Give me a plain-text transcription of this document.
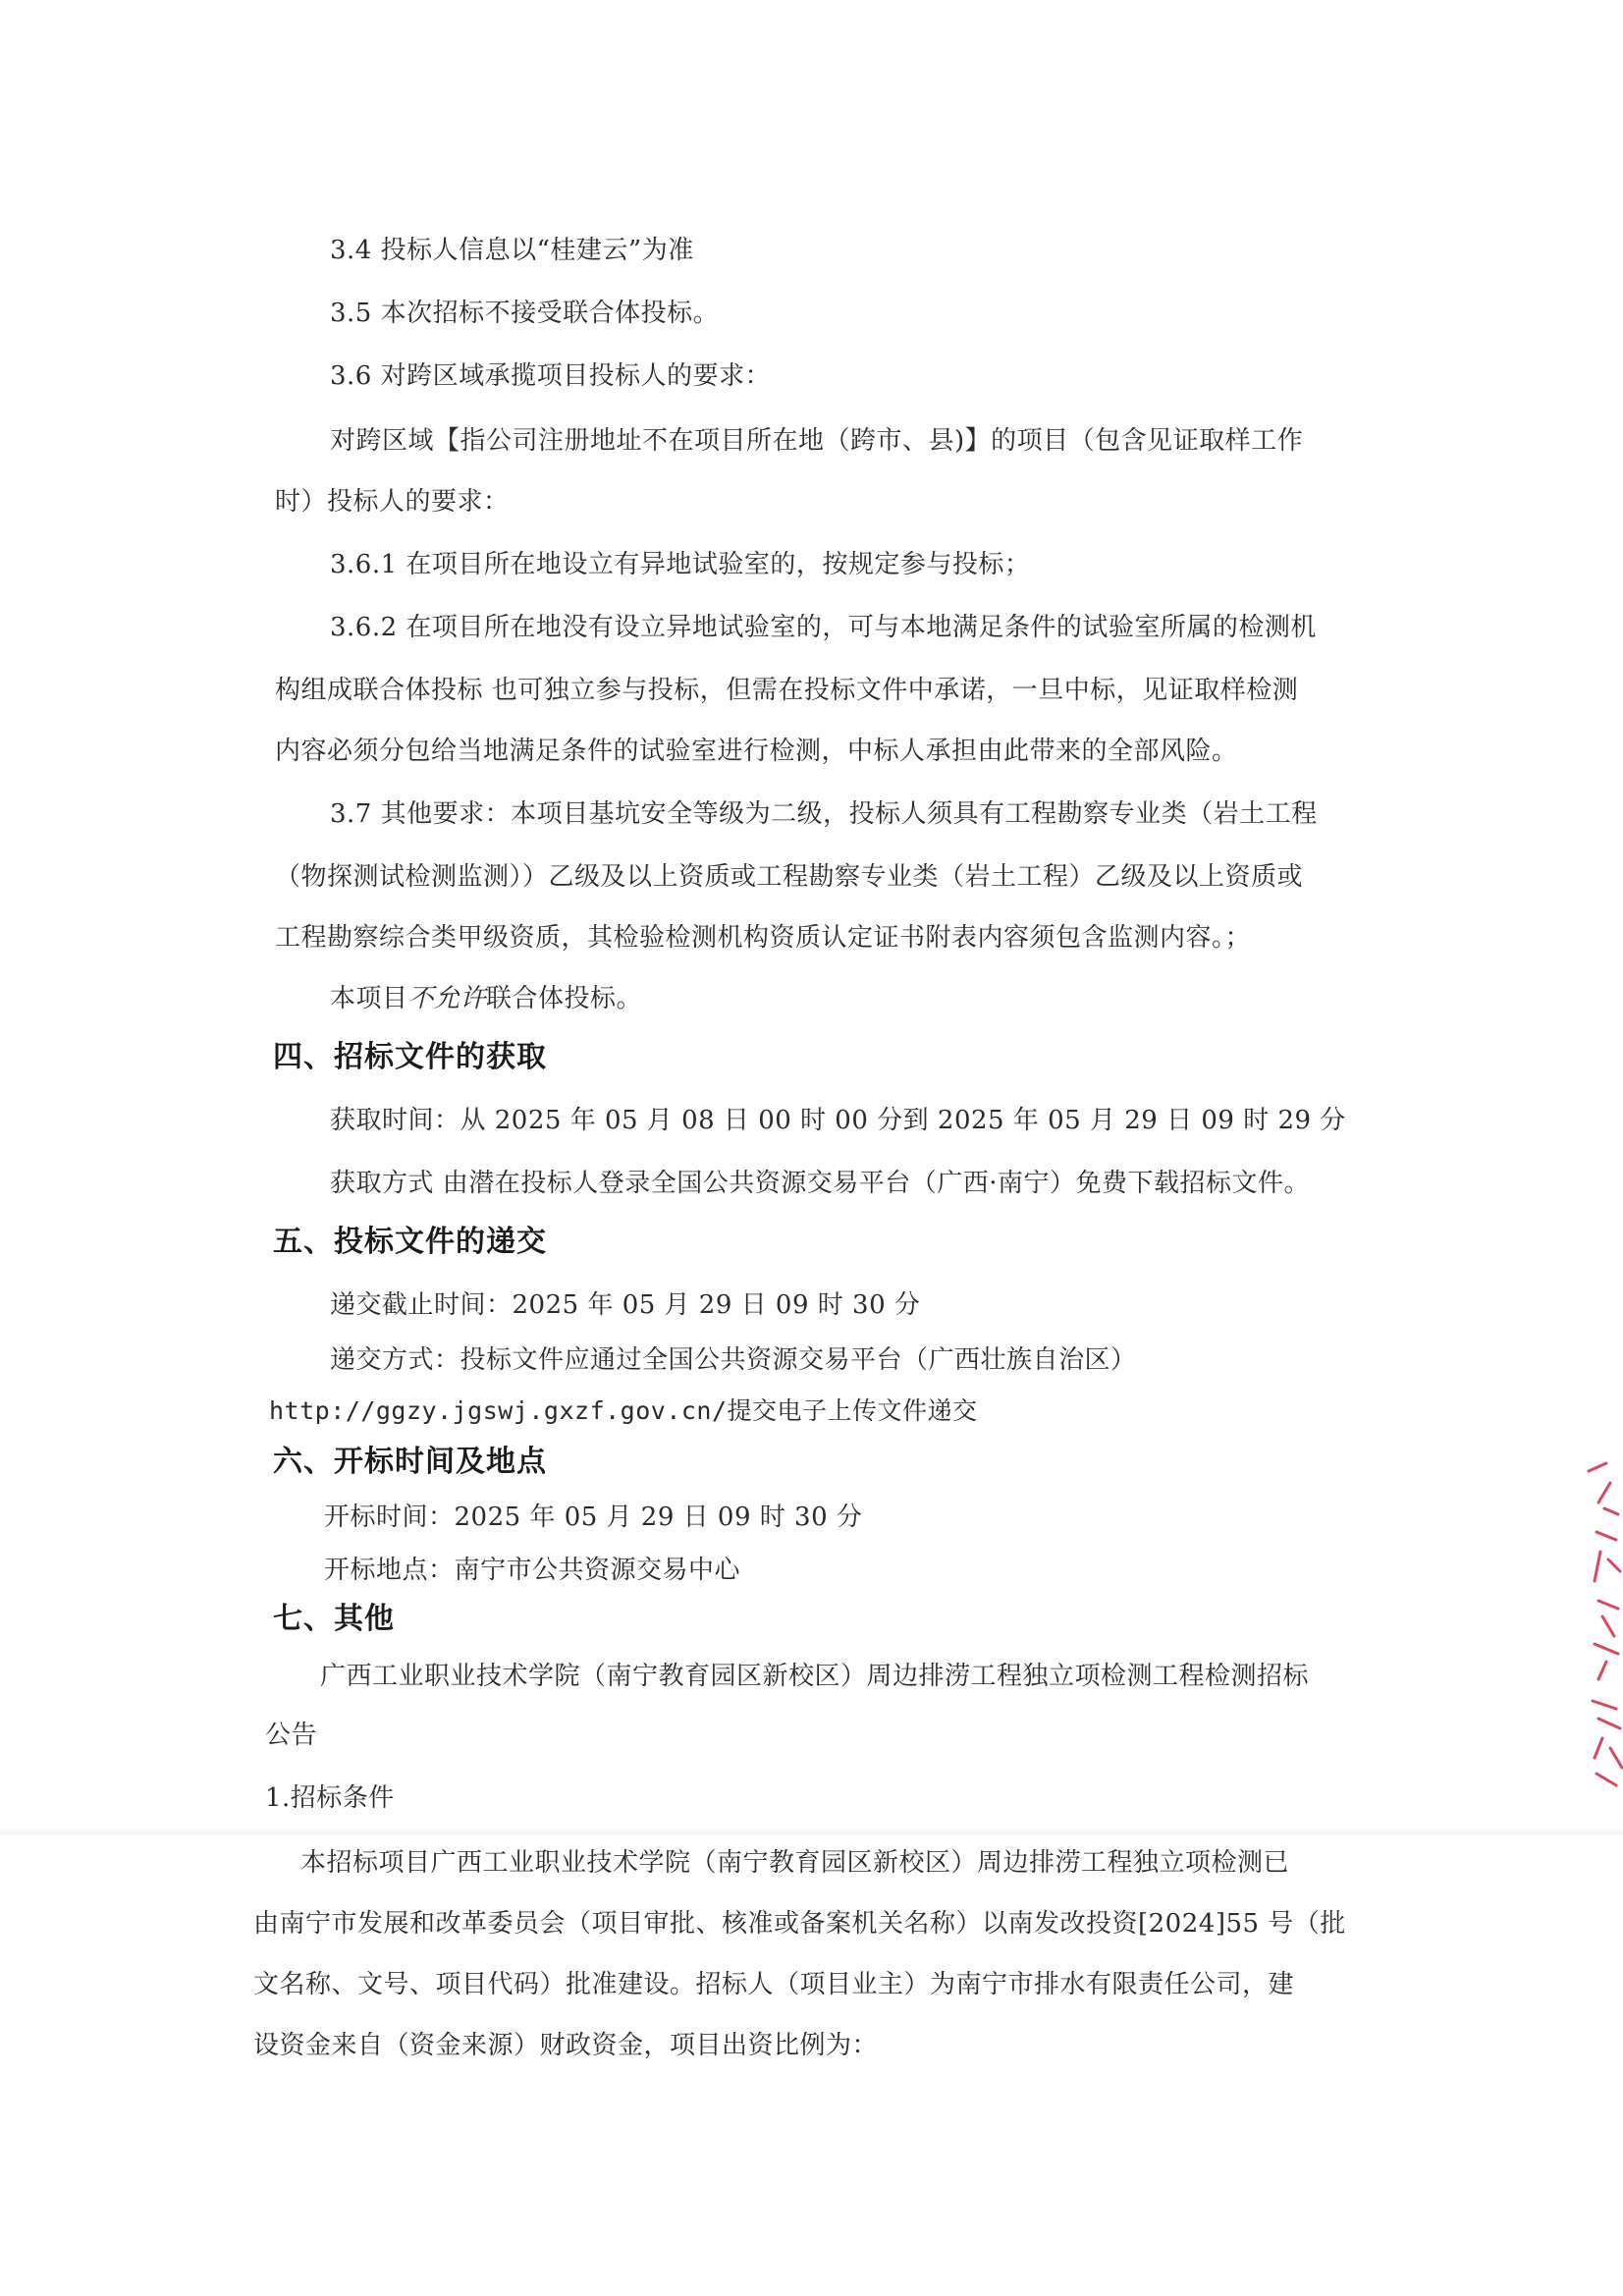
3.4 投标人信息以“桂建云”为准
3.5 本次招标不接受联合体投标。
3.6 对跨区域承揽项目投标人的要求：
对跨区域【指公司注册地址不在项目所在地（跨市、县)】的项目（包含见证取样工作
时）投标人的要求：
3.6.1 在项目所在地设立有异地试验室的，按规定参与投标；
3.6.2 在项目所在地没有设立异地试验室的，可与本地满足条件的试验室所属的检测机
构组成联合体投标 也可独立参与投标，但需在投标文件中承诺，一旦中标，见证取样检测
内容必须分包给当地满足条件的试验室进行检测，中标人承担由此带来的全部风险。
3.7 其他要求：本项目基坑安全等级为二级，投标人须具有工程勘察专业类（岩土工程
（物探测试检测监测））乙级及以上资质或工程勘察专业类（岩土工程）乙级及以上资质或
工程勘察综合类甲级资质，其检验检测机构资质认定证书附表内容须包含监测内容。；
本项目不允许联合体投标。
四、招标文件的获取
获取时间：从 2025 年 05 月 08 日 00 时 00 分到 2025 年 05 月 29 日 09 时 29 分
获取方式 由潜在投标人登录全国公共资源交易平台（广西·南宁）免费下载招标文件。
五、投标文件的递交
递交截止时间：2025 年 05 月 29 日 09 时 30 分
递交方式：投标文件应通过全国公共资源交易平台（广西壮族自治区）
http://ggzy.jgswj.gxzf.gov.cn/提交电子上传文件递交
六、开标时间及地点
开标时间：2025 年 05 月 29 日 09 时 30 分
开标地点：南宁市公共资源交易中心
七、其他
广西工业职业技术学院（南宁教育园区新校区）周边排涝工程独立项检测工程检测招标
公告
1.招标条件
本招标项目广西工业职业技术学院（南宁教育园区新校区）周边排涝工程独立项检测已
由南宁市发展和改革委员会（项目审批、核准或备案机关名称）以南发改投资[2024]55 号（批
文名称、文号、项目代码）批准建设。招标人（项目业主）为南宁市排水有限责任公司，建
设资金来自（资金来源）财政资金，项目出资比例为：
